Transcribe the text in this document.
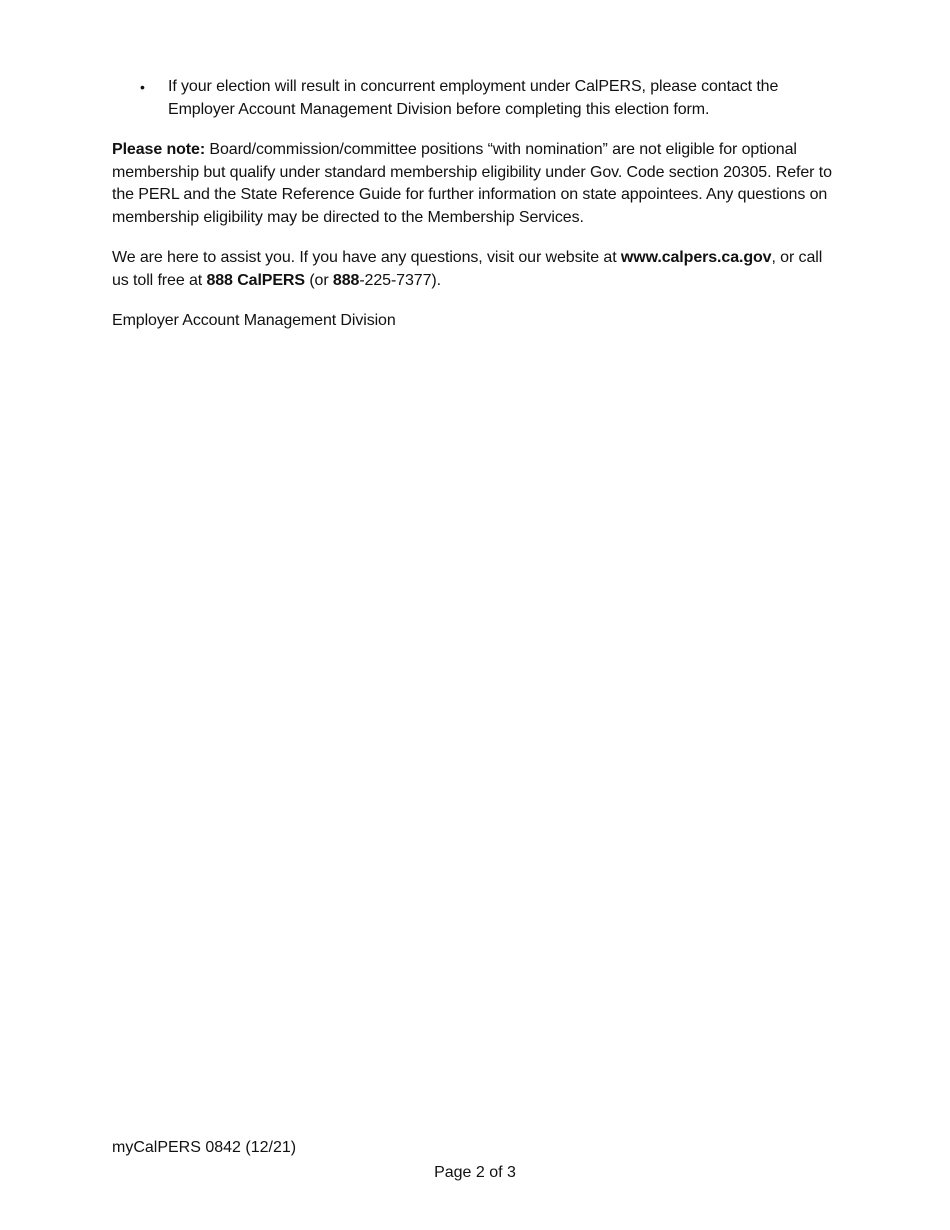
•	If your election will result in concurrent employment under CalPERS, please contact the Employer Account Management Division before completing this election form.

Please note: Board/commission/committee positions “with nomination” are not eligible for optional membership but qualify under standard membership eligibility under Gov. Code section 20305. Refer to the PERL and the State Reference Guide for further information on state appointees. Any questions on membership eligibility may be directed to the Membership Services.

We are here to assist you. If you have any questions, visit our website at www.calpers.ca.gov, or call us toll free at 888 CalPERS (or 888-225-7377).

Employer Account Management Division

myCalPERS 0842 (12/21)
Page 2 of 3
